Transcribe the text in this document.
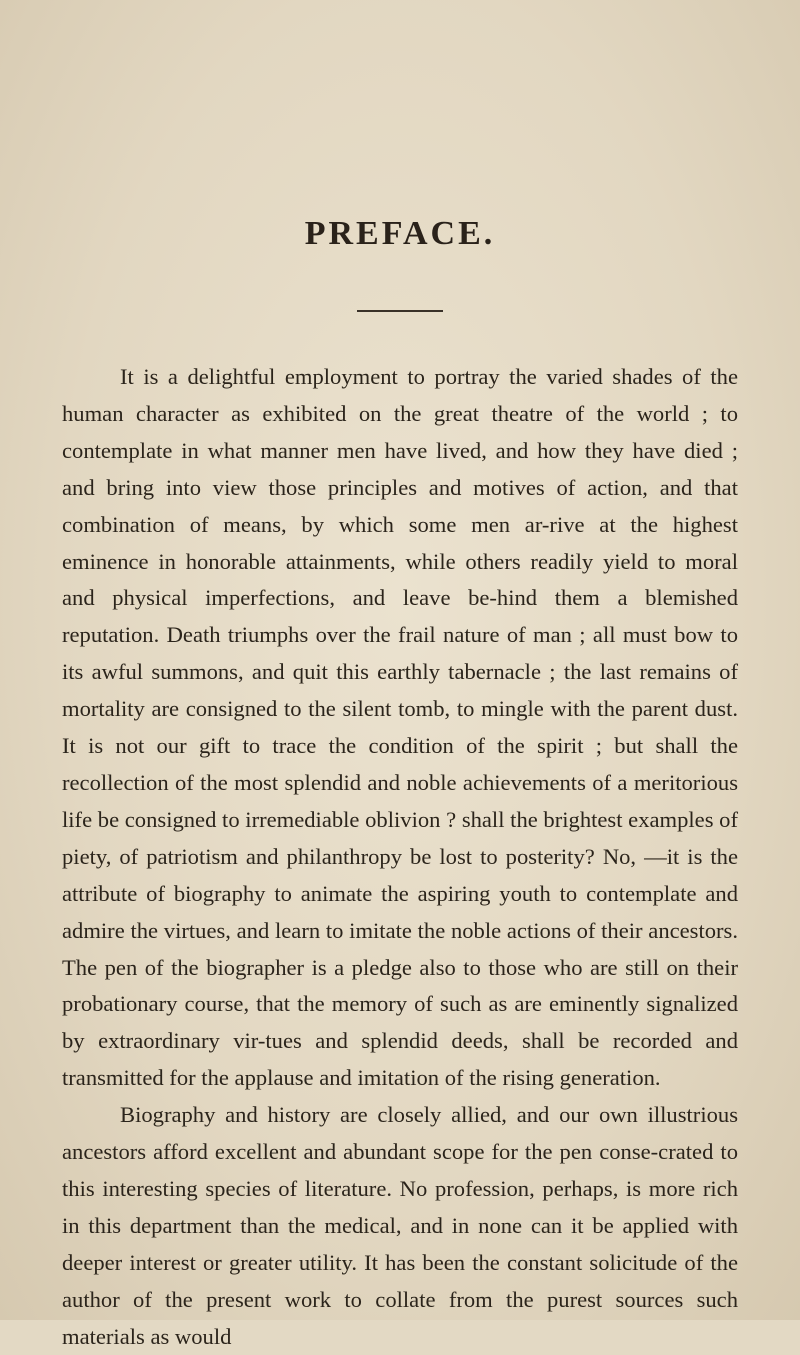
PREFACE.

It is a delightful employment to portray the varied shades of the human character as exhibited on the great theatre of the world ; to contemplate in what manner men have lived, and how they have died ; and bring into view those principles and motives of action, and that combination of means, by which some men ar-rive at the highest eminence in honorable attainments, while others readily yield to moral and physical imperfections, and leave be-hind them a blemished reputation. Death triumphs over the frail nature of man ; all must bow to its awful summons, and quit this earthly tabernacle ; the last remains of mortality are consigned to the silent tomb, to mingle with the parent dust. It is not our gift to trace the condition of the spirit ; but shall the recollection of the most splendid and noble achievements of a meritorious life be consigned to irremediable oblivion ? shall the brightest examples of piety, of patriotism and philanthropy be lost to posterity? No, —it is the attribute of biography to animate the aspiring youth to contemplate and admire the virtues, and learn to imitate the noble actions of their ancestors. The pen of the biographer is a pledge also to those who are still on their probationary course, that the memory of such as are eminently signalized by extraordinary vir-tues and splendid deeds, shall be recorded and transmitted for the applause and imitation of the rising generation.

Biography and history are closely allied, and our own illustrious ancestors afford excellent and abundant scope for the pen conse-crated to this interesting species of literature. No profession, perhaps, is more rich in this department than the medical, and in none can it be applied with deeper interest or greater utility. It has been the constant solicitude of the author of the present work to collate from the purest sources such materials as would
